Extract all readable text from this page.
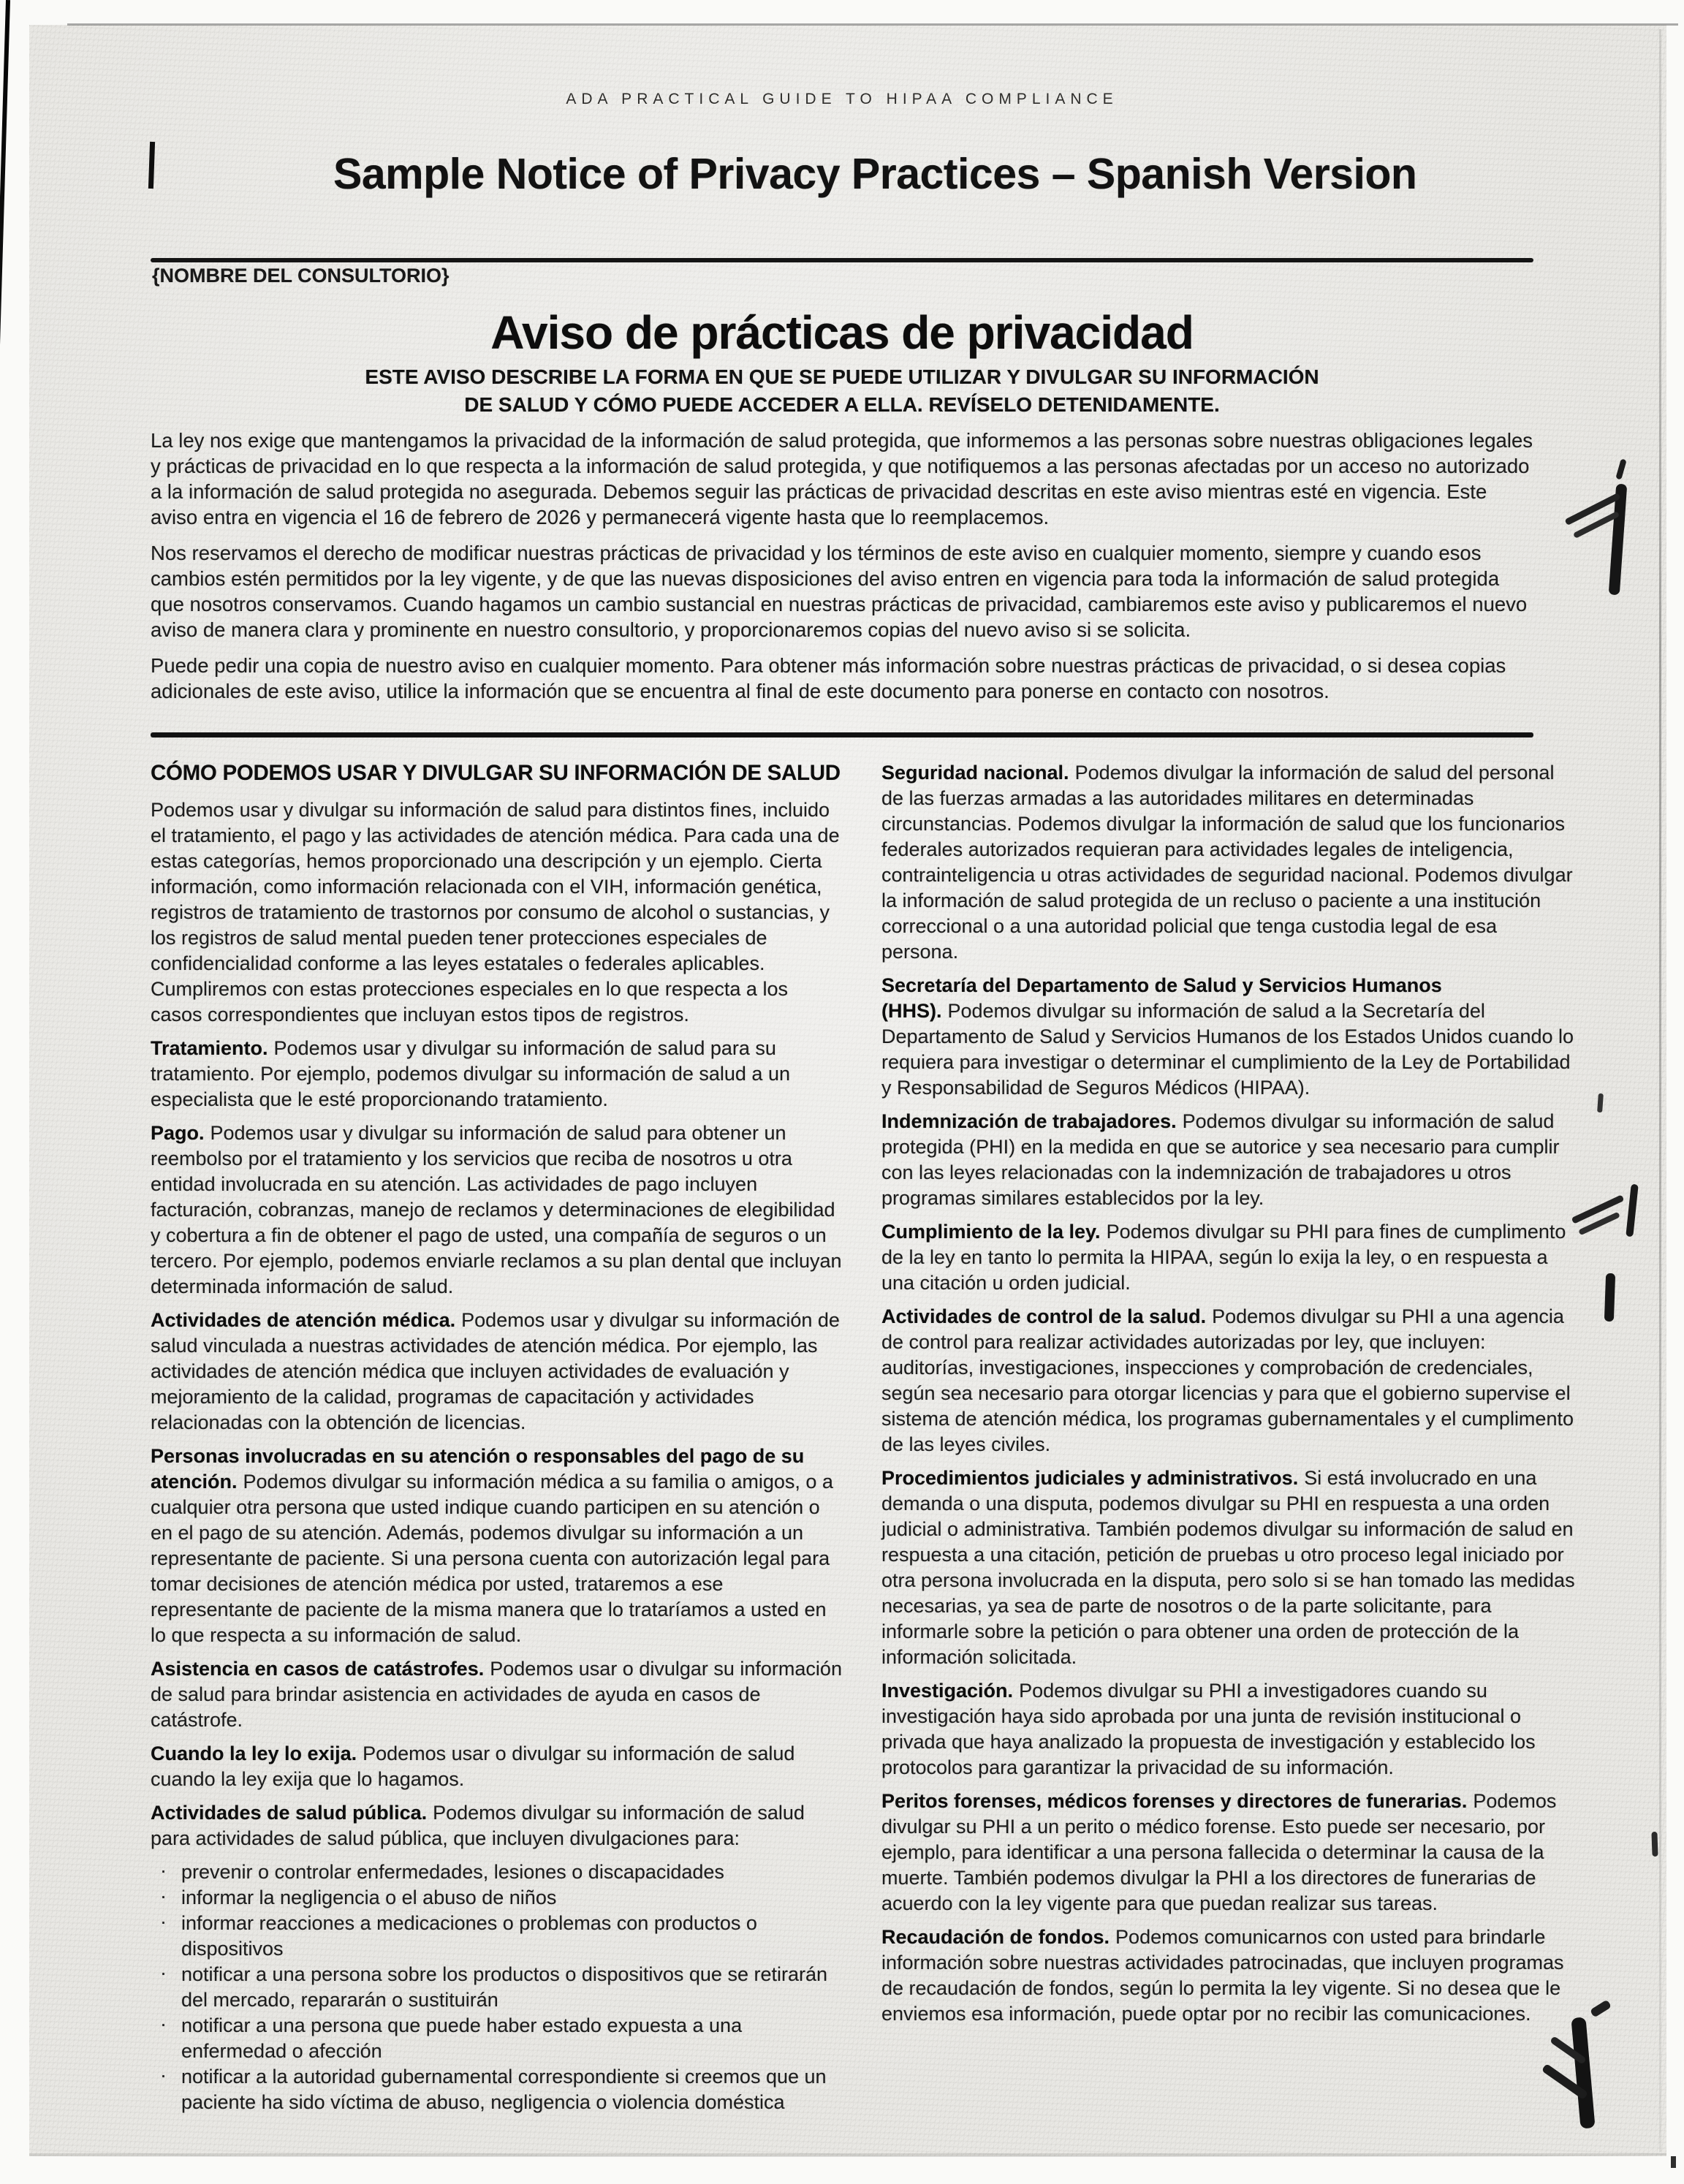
ADA PRACTICAL GUIDE TO HIPAA COMPLIANCE
Sample Notice of Privacy Practices – Spanish Version
{NOMBRE DEL CONSULTORIO}
Aviso de prácticas de privacidad
ESTE AVISO DESCRIBE LA FORMA EN QUE SE PUEDE UTILIZAR Y DIVULGAR SU INFORMACIÓN
DE SALUD Y CÓMO PUEDE ACCEDER A ELLA. REVÍSELO DETENIDAMENTE.

La ley nos exige que mantengamos la privacidad de la información de salud protegida, que informemos a las personas sobre nuestras obligaciones legales y prácticas de privacidad en lo que respecta a la información de salud protegida, y que notifiquemos a las personas afectadas por un acceso no autorizado a la información de salud protegida no asegurada. Debemos seguir las prácticas de privacidad descritas en este aviso mientras esté en vigencia. Este aviso entra en vigencia el 16 de febrero de 2026 y permanecerá vigente hasta que lo reemplacemos.

Nos reservamos el derecho de modificar nuestras prácticas de privacidad y los términos de este aviso en cualquier momento, siempre y cuando esos cambios estén permitidos por la ley vigente, y de que las nuevas disposiciones del aviso entren en vigencia para toda la información de salud protegida que nosotros conservamos. Cuando hagamos un cambio sustancial en nuestras prácticas de privacidad, cambiaremos este aviso y publicaremos el nuevo aviso de manera clara y prominente en nuestro consultorio, y proporcionaremos copias del nuevo aviso si se solicita.

Puede pedir una copia de nuestro aviso en cualquier momento. Para obtener más información sobre nuestras prácticas de privacidad, o si desea copias adicionales de este aviso, utilice la información que se encuentra al final de este documento para ponerse en contacto con nosotros.

CÓMO PODEMOS USAR Y DIVULGAR SU INFORMACIÓN DE SALUD

Podemos usar y divulgar su información de salud para distintos fines, incluido el tratamiento, el pago y las actividades de atención médica. Para cada una de estas categorías, hemos proporcionado una descripción y un ejemplo. Cierta información, como información relacionada con el VIH, información genética, registros de tratamiento de trastornos por consumo de alcohol o sustancias, y los registros de salud mental pueden tener protecciones especiales de confidencialidad conforme a las leyes estatales o federales aplicables. Cumpliremos con estas protecciones especiales en lo que respecta a los casos correspondientes que incluyan estos tipos de registros.

Tratamiento. Podemos usar y divulgar su información de salud para su tratamiento. Por ejemplo, podemos divulgar su información de salud a un especialista que le esté proporcionando tratamiento.

Pago. Podemos usar y divulgar su información de salud para obtener un reembolso por el tratamiento y los servicios que reciba de nosotros u otra entidad involucrada en su atención. Las actividades de pago incluyen facturación, cobranzas, manejo de reclamos y determinaciones de elegibilidad y cobertura a fin de obtener el pago de usted, una compañía de seguros o un tercero. Por ejemplo, podemos enviarle reclamos a su plan dental que incluyan determinada información de salud.

Actividades de atención médica. Podemos usar y divulgar su información de salud vinculada a nuestras actividades de atención médica. Por ejemplo, las actividades de atención médica que incluyen actividades de evaluación y mejoramiento de la calidad, programas de capacitación y actividades relacionadas con la obtención de licencias.

Personas involucradas en su atención o responsables del pago de su atención. Podemos divulgar su información médica a su familia o amigos, o a cualquier otra persona que usted indique cuando participen en su atención o en el pago de su atención. Además, podemos divulgar su información a un representante de paciente. Si una persona cuenta con autorización legal para tomar decisiones de atención médica por usted, trataremos a ese representante de paciente de la misma manera que lo trataríamos a usted en lo que respecta a su información de salud.

Asistencia en casos de catástrofes. Podemos usar o divulgar su información de salud para brindar asistencia en actividades de ayuda en casos de catástrofe.

Cuando la ley lo exija. Podemos usar o divulgar su información de salud cuando la ley exija que lo hagamos.

Actividades de salud pública. Podemos divulgar su información de salud para actividades de salud pública, que incluyen divulgaciones para:

· prevenir o controlar enfermedades, lesiones o discapacidades
· informar la negligencia o el abuso de niños
· informar reacciones a medicaciones o problemas con productos o dispositivos
· notificar a una persona sobre los productos o dispositivos que se retirarán del mercado, repararán o sustituirán
· notificar a una persona que puede haber estado expuesta a una enfermedad o afección
· notificar a la autoridad gubernamental correspondiente si creemos que un paciente ha sido víctima de abuso, negligencia o violencia doméstica

Seguridad nacional. Podemos divulgar la información de salud del personal de las fuerzas armadas a las autoridades militares en determinadas circunstancias. Podemos divulgar la información de salud que los funcionarios federales autorizados requieran para actividades legales de inteligencia, contrainteligencia u otras actividades de seguridad nacional. Podemos divulgar la información de salud protegida de un recluso o paciente a una institución correccional o a una autoridad policial que tenga custodia legal de esa persona.

Secretaría del Departamento de Salud y Servicios Humanos (HHS). Podemos divulgar su información de salud a la Secretaría del Departamento de Salud y Servicios Humanos de los Estados Unidos cuando lo requiera para investigar o determinar el cumplimiento de la Ley de Portabilidad y Responsabilidad de Seguros Médicos (HIPAA).

Indemnización de trabajadores. Podemos divulgar su información de salud protegida (PHI) en la medida en que se autorice y sea necesario para cumplir con las leyes relacionadas con la indemnización de trabajadores u otros programas similares establecidos por la ley.

Cumplimiento de la ley. Podemos divulgar su PHI para fines de cumplimento de la ley en tanto lo permita la HIPAA, según lo exija la ley, o en respuesta a una citación u orden judicial.

Actividades de control de la salud. Podemos divulgar su PHI a una agencia de control para realizar actividades autorizadas por ley, que incluyen: auditorías, investigaciones, inspecciones y comprobación de credenciales, según sea necesario para otorgar licencias y para que el gobierno supervise el sistema de atención médica, los programas gubernamentales y el cumplimento de las leyes civiles.

Procedimientos judiciales y administrativos. Si está involucrado en una demanda o una disputa, podemos divulgar su PHI en respuesta a una orden judicial o administrativa. También podemos divulgar su información de salud en respuesta a una citación, petición de pruebas u otro proceso legal iniciado por otra persona involucrada en la disputa, pero solo si se han tomado las medidas necesarias, ya sea de parte de nosotros o de la parte solicitante, para informarle sobre la petición o para obtener una orden de protección de la información solicitada.

Investigación. Podemos divulgar su PHI a investigadores cuando su investigación haya sido aprobada por una junta de revisión institucional o privada que haya analizado la propuesta de investigación y establecido los protocolos para garantizar la privacidad de su información.

Peritos forenses, médicos forenses y directores de funerarias. Podemos divulgar su PHI a un perito o médico forense. Esto puede ser necesario, por ejemplo, para identificar a una persona fallecida o determinar la causa de la muerte. También podemos divulgar la PHI a los directores de funerarias de acuerdo con la ley vigente para que puedan realizar sus tareas.

Recaudación de fondos. Podemos comunicarnos con usted para brindarle información sobre nuestras actividades patrocinadas, que incluyen programas de recaudación de fondos, según lo permita la ley vigente. Si no desea que le enviemos esa información, puede optar por no recibir las comunicaciones.
